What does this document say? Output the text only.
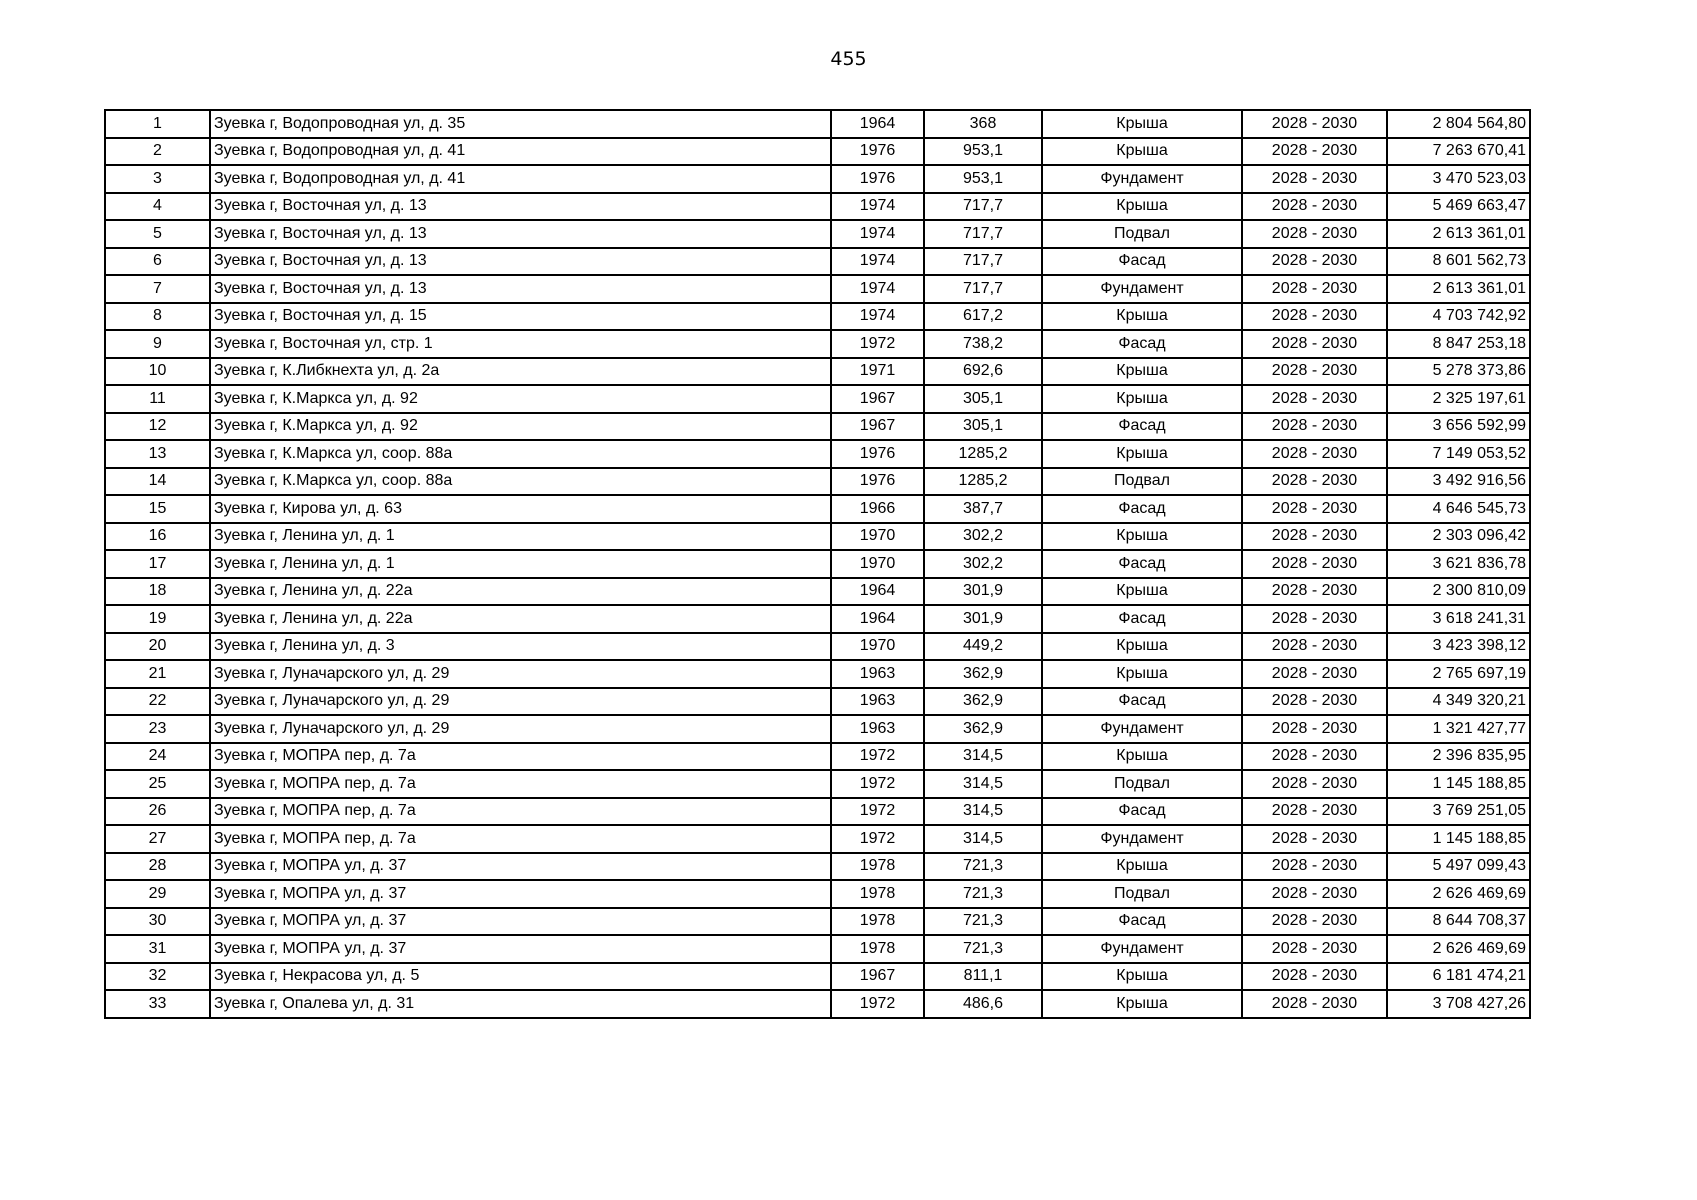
455
1	Зуевка г, Водопроводная ул, д. 35	1964	368	Крыша	2028 - 2030	2 804 564,80
2	Зуевка г, Водопроводная ул, д. 41	1976	953,1	Крыша	2028 - 2030	7 263 670,41
3	Зуевка г, Водопроводная ул, д. 41	1976	953,1	Фундамент	2028 - 2030	3 470 523,03
4	Зуевка г, Восточная ул, д. 13	1974	717,7	Крыша	2028 - 2030	5 469 663,47
5	Зуевка г, Восточная ул, д. 13	1974	717,7	Подвал	2028 - 2030	2 613 361,01
6	Зуевка г, Восточная ул, д. 13	1974	717,7	Фасад	2028 - 2030	8 601 562,73
7	Зуевка г, Восточная ул, д. 13	1974	717,7	Фундамент	2028 - 2030	2 613 361,01
8	Зуевка г, Восточная ул, д. 15	1974	617,2	Крыша	2028 - 2030	4 703 742,92
9	Зуевка г, Восточная ул, стр. 1	1972	738,2	Фасад	2028 - 2030	8 847 253,18
10	Зуевка г, К.Либкнехта ул, д. 2а	1971	692,6	Крыша	2028 - 2030	5 278 373,86
11	Зуевка г, К.Маркса ул, д. 92	1967	305,1	Крыша	2028 - 2030	2 325 197,61
12	Зуевка г, К.Маркса ул, д. 92	1967	305,1	Фасад	2028 - 2030	3 656 592,99
13	Зуевка г, К.Маркса ул, соор. 88а	1976	1285,2	Крыша	2028 - 2030	7 149 053,52
14	Зуевка г, К.Маркса ул, соор. 88а	1976	1285,2	Подвал	2028 - 2030	3 492 916,56
15	Зуевка г, Кирова ул, д. 63	1966	387,7	Фасад	2028 - 2030	4 646 545,73
16	Зуевка г, Ленина ул, д. 1	1970	302,2	Крыша	2028 - 2030	2 303 096,42
17	Зуевка г, Ленина ул, д. 1	1970	302,2	Фасад	2028 - 2030	3 621 836,78
18	Зуевка г, Ленина ул, д. 22а	1964	301,9	Крыша	2028 - 2030	2 300 810,09
19	Зуевка г, Ленина ул, д. 22а	1964	301,9	Фасад	2028 - 2030	3 618 241,31
20	Зуевка г, Ленина ул, д. 3	1970	449,2	Крыша	2028 - 2030	3 423 398,12
21	Зуевка г, Луначарского ул, д. 29	1963	362,9	Крыша	2028 - 2030	2 765 697,19
22	Зуевка г, Луначарского ул, д. 29	1963	362,9	Фасад	2028 - 2030	4 349 320,21
23	Зуевка г, Луначарского ул, д. 29	1963	362,9	Фундамент	2028 - 2030	1 321 427,77
24	Зуевка г, МОПРА пер, д. 7а	1972	314,5	Крыша	2028 - 2030	2 396 835,95
25	Зуевка г, МОПРА пер, д. 7а	1972	314,5	Подвал	2028 - 2030	1 145 188,85
26	Зуевка г, МОПРА пер, д. 7а	1972	314,5	Фасад	2028 - 2030	3 769 251,05
27	Зуевка г, МОПРА пер, д. 7а	1972	314,5	Фундамент	2028 - 2030	1 145 188,85
28	Зуевка г, МОПРА ул, д. 37	1978	721,3	Крыша	2028 - 2030	5 497 099,43
29	Зуевка г, МОПРА ул, д. 37	1978	721,3	Подвал	2028 - 2030	2 626 469,69
30	Зуевка г, МОПРА ул, д. 37	1978	721,3	Фасад	2028 - 2030	8 644 708,37
31	Зуевка г, МОПРА ул, д. 37	1978	721,3	Фундамент	2028 - 2030	2 626 469,69
32	Зуевка г, Некрасова ул, д. 5	1967	811,1	Крыша	2028 - 2030	6 181 474,21
33	Зуевка г, Опалева ул, д. 31	1972	486,6	Крыша	2028 - 2030	3 708 427,26
